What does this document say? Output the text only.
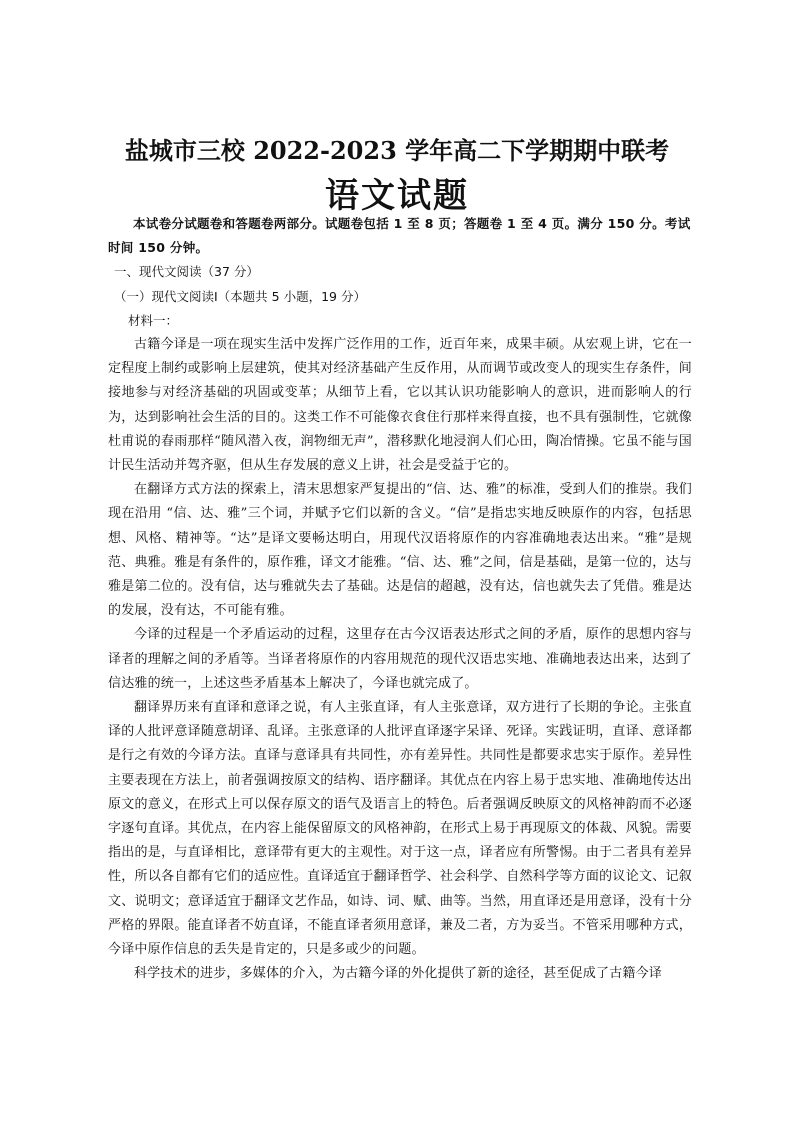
盐城市三校 2022-2023 学年高二下学期期中联考
语文试题

本试卷分试题卷和答题卷两部分。试题卷包括 1 至 8 页；答题卷 1 至 4 页。满分 150 分。考试时间 150 分钟。

一、现代文阅读（37 分）

（一）现代文阅读Ⅰ（本题共 5 小题，19 分）

材料一：

古籍今译是一项在现实生活中发挥广泛作用的工作，近百年来，成果丰硕。从宏观上讲，它在一定程度上制约或影响上层建筑，使其对经济基础产生反作用，从而调节或改变人的现实生存条件，间接地参与对经济基础的巩固或变革；从细节上看，它以其认识功能影响人的意识，进而影响人的行为，达到影响社会生活的目的。这类工作不可能像衣食住行那样来得直接，也不具有强制性，它就像杜甫说的春雨那样“随风潜入夜，润物细无声”，潜移默化地浸润人们心田，陶冶情操。它虽不能与国计民生活动并驾齐驱，但从生存发展的意义上讲，社会是受益于它的。

在翻译方式方法的探索上，清末思想家严复提出的“信、达、雅”的标准，受到人们的推崇。我们现在沿用 “信、达、雅”三个词，并赋予它们以新的含义。“信”是指忠实地反映原作的内容，包括思想、风格、精神等。“达”是译文要畅达明白，用现代汉语将原作的内容准确地表达出来。“雅”是规范、典雅。雅是有条件的，原作雅，译文才能雅。“信、达、雅”之间，信是基础，是第一位的，达与雅是第二位的。没有信，达与雅就失去了基础。达是信的超越，没有达，信也就失去了凭借。雅是达的发展，没有达，不可能有雅。

今译的过程是一个矛盾运动的过程，这里存在古今汉语表达形式之间的矛盾，原作的思想内容与译者的理解之间的矛盾等。当译者将原作的内容用规范的现代汉语忠实地、准确地表达出来，达到了信达雅的统一，上述这些矛盾基本上解决了，今译也就完成了。

翻译界历来有直译和意译之说，有人主张直译，有人主张意译，双方进行了长期的争论。主张直译的人批评意译随意胡译、乱译。主张意译的人批评直译逐字呆译、死译。实践证明，直译、意译都是行之有效的今译方法。直译与意译具有共同性，亦有差异性。共同性是都要求忠实于原作。差异性主要表现在方法上，前者强调按原文的结构、语序翻译。其优点在内容上易于忠实地、准确地传达出原文的意义，在形式上可以保存原文的语气及语言上的特色。后者强调反映原文的风格神韵而不必逐字逐句直译。其优点，在内容上能保留原文的风格神韵，在形式上易于再现原文的体裁、风貌。需要指出的是，与直译相比，意译带有更大的主观性。对于这一点，译者应有所警惕。由于二者具有差异性，所以各自都有它们的适应性。直译适宜于翻译哲学、社会科学、自然科学等方面的议论文、记叙文、说明文；意译适宜于翻译文艺作品，如诗、词、赋、曲等。当然，用直译还是用意译，没有十分严格的界限。能直译者不妨直译，不能直译者须用意译，兼及二者，方为妥当。不管采用哪种方式，今译中原作信息的丢失是肯定的，只是多或少的问题。

科学技术的进步，多媒体的介入，为古籍今译的外化提供了新的途径，甚至促成了古籍今译
